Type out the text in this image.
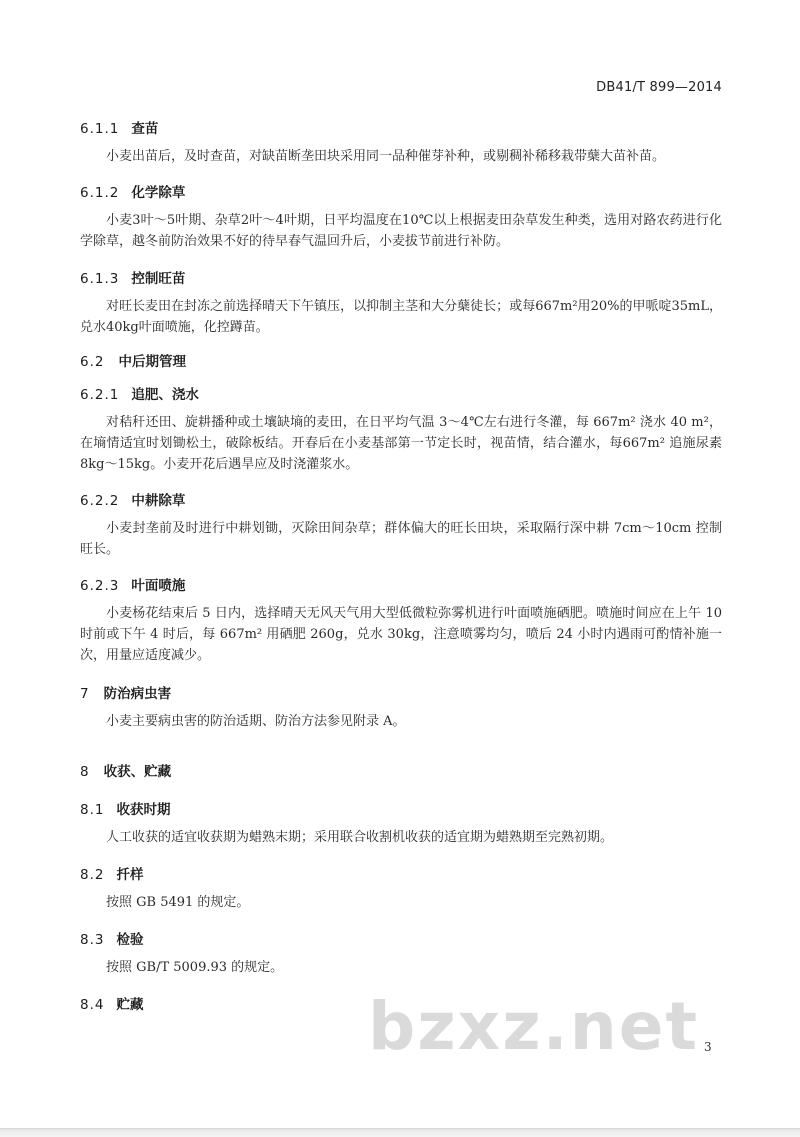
DB41/T 899—2014
6.1.1 查苗
小麦出苗后，及时查苗，对缺苗断垄田块采用同一品种催芽补种，或剔稠补稀移栽带蘖大苗补苗。
6.1.2 化学除草
小麦3叶～5叶期、杂草2叶～4叶期，日平均温度在10℃以上根据麦田杂草发生种类，选用对路农药进行化学除草，越冬前防治效果不好的待早春气温回升后，小麦拔节前进行补防。
6.1.3 控制旺苗
对旺长麦田在封冻之前选择晴天下午镇压，以抑制主茎和大分蘖徒长；或每667m²用20%的甲哌啶35mL，兑水40kg叶面喷施，化控蹲苗。
6.2 中后期管理
6.2.1 追肥、浇水
对秸秆还田、旋耕播种或土壤缺墒的麦田，在日平均气温 3～4℃左右进行冬灌，每 667m² 浇水 40 m²，在墒情适宜时划锄松土，破除板结。开春后在小麦基部第一节定长时，视苗情，结合灌水，每667m² 追施尿素 8kg～15kg。小麦开花后遇旱应及时浇灌浆水。
6.2.2 中耕除草
小麦封垄前及时进行中耕划锄，灭除田间杂草；群体偏大的旺长田块，采取隔行深中耕 7cm～10cm 控制旺长。
6.2.3 叶面喷施
小麦杨花结束后 5 日内，选择晴天无风天气用大型低微粒弥雾机进行叶面喷施硒肥。喷施时间应在上午 10 时前或下午 4 时后，每 667m² 用硒肥 260g，兑水 30kg，注意喷雾均匀，喷后 24 小时内遇雨可酌情补施一次，用量应适度减少。
7 防治病虫害
小麦主要病虫害的防治适期、防治方法参见附录 A。
8 收获、贮藏
8.1 收获时期
人工收获的适宜收获期为蜡熟末期；采用联合收割机收获的适宜期为蜡熟期至完熟初期。
8.2 扦样
按照 GB 5491 的规定。
8.3 检验
按照 GB/T 5009.93 的规定。
8.4 贮藏	bzxz.net 3
